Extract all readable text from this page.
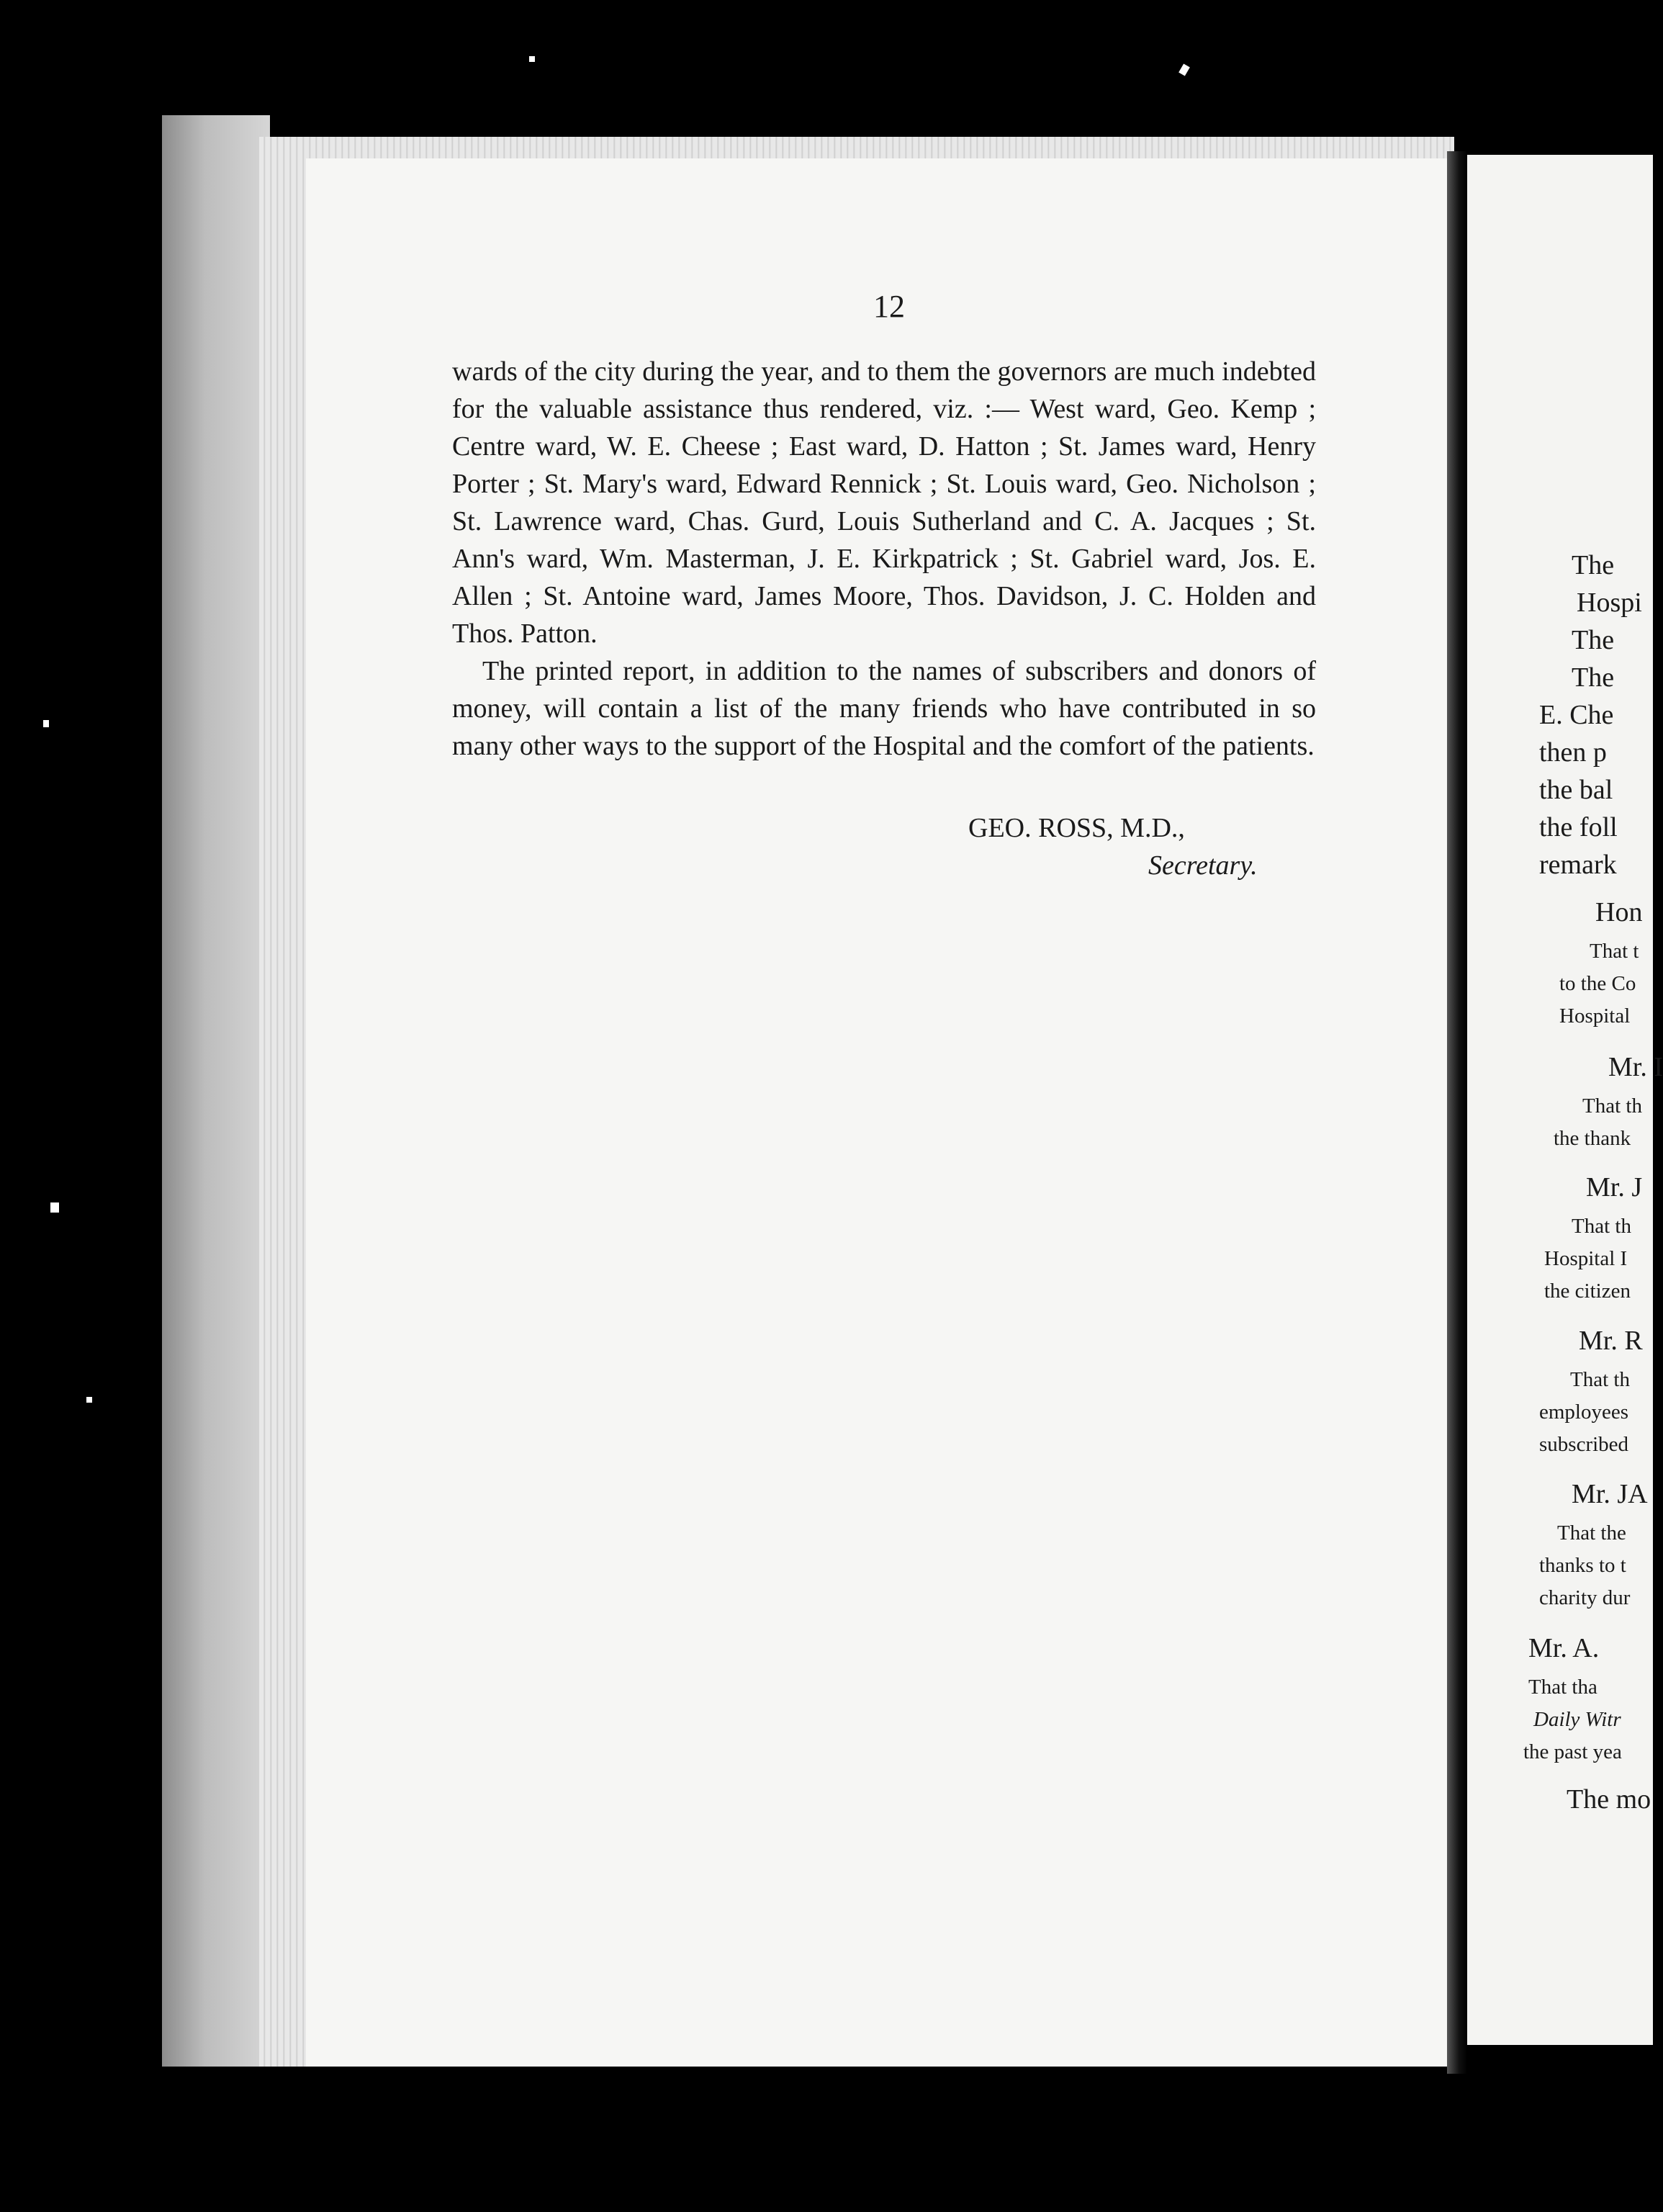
12

wards of the city during the year, and to them the governors are much indebted for the valuable assistance thus rendered, viz. :— West ward, Geo. Kemp ; Centre ward, W. E. Cheese ; East ward, D. Hatton ; St. James ward, Henry Porter ; St. Mary's ward, Edward Rennick ; St. Louis ward, Geo. Nicholson ; St. Lawrence ward, Chas. Gurd, Louis Sutherland and C. A. Jacques ; St. Ann's ward, Wm. Masterman, J. E. Kirkpatrick ; St. Gabriel ward, Jos. E. Allen ; St. Antoine ward, James Moore, Thos. Davidson, J. C. Holden and Thos. Patton.

The printed report, in addition to the names of subscribers and donors of money, will contain a list of the many friends who have contributed in so many other ways to the support of the Hospital and the comfort of the patients.

GEO. ROSS, M.D.,
Secretary.
The
Hospi
The
The
E. Che
then p
the bal
the foll
remark
Hon
That t
to the Co
Hospital
Mr. I
That th
the thank
Mr. J
That th
Hospital I
the citizen
Mr. R
That th
employees
subscribed
Mr. JA
That the
thanks to t
charity dur
Mr. A.
That tha
Daily Witr
the past yea
The mo
